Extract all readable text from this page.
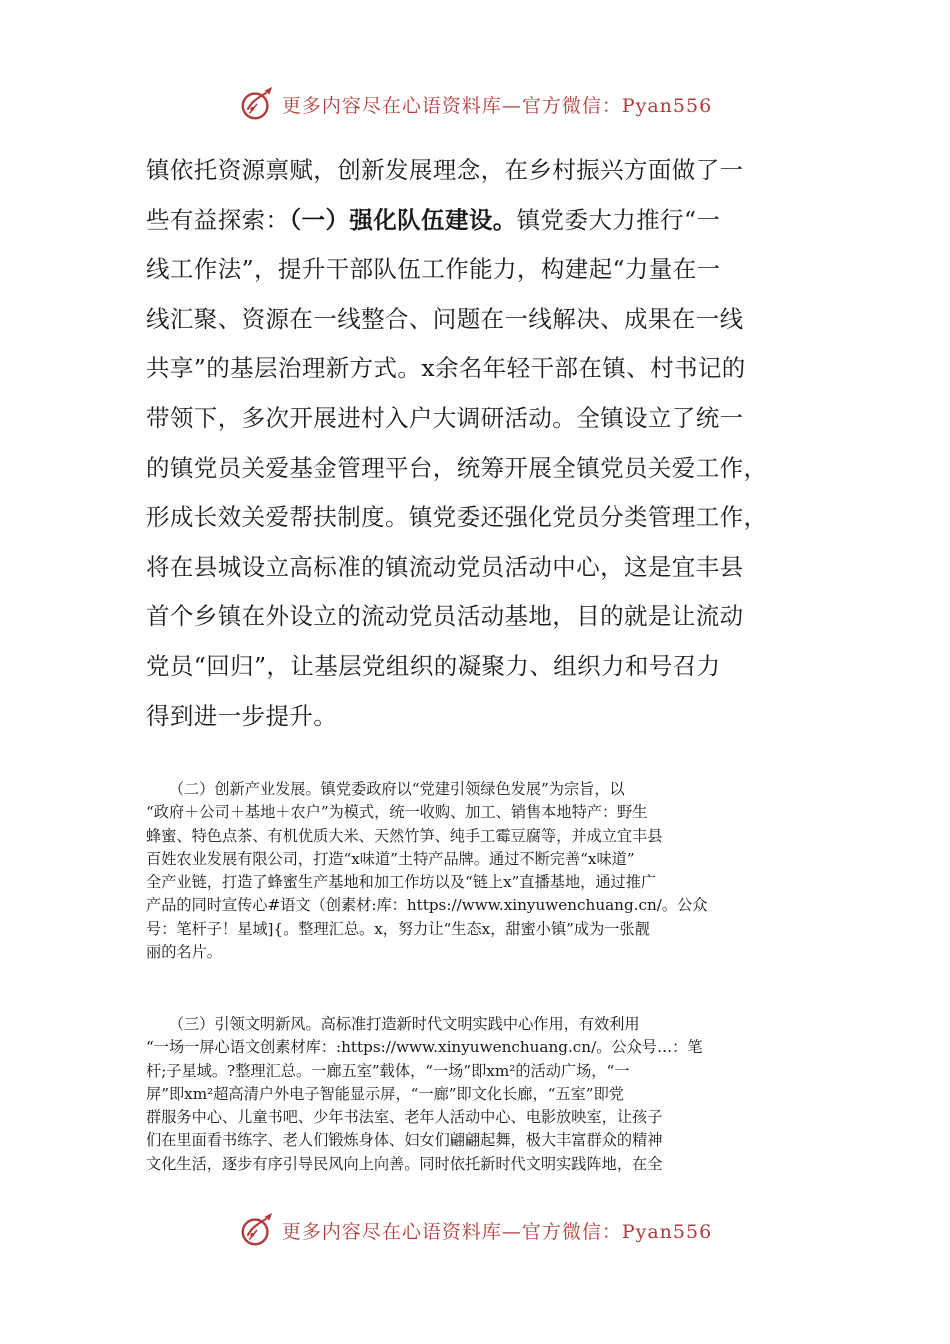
更多内容尽在心语资料库—官方微信：Pyan556
镇依托资源禀赋，创新发展理念，在乡村振兴方面做了一
些有益探索：（一）强化队伍建设。镇党委大力推行“一
线工作法”，提升干部队伍工作能力，构建起“力量在一
线汇聚、资源在一线整合、问题在一线解决、成果在一线
共享”的基层治理新方式。x余名年轻干部在镇、村书记的
带领下，多次开展进村入户大调研活动。全镇设立了统一
的镇党员关爱基金管理平台，统筹开展全镇党员关爱工作，
形成长效关爱帮扶制度。镇党委还强化党员分类管理工作，
将在县城设立高标准的镇流动党员活动中心，这是宜丰县
首个乡镇在外设立的流动党员活动基地，目的就是让流动
党员“回归”，让基层党组织的凝聚力、组织力和号召力
得到进一步提升。
　　（二）创新产业发展。镇党委政府以“党建引领绿色发展”为宗旨，以
“政府＋公司＋基地＋农户”为模式，统一收购、加工、销售本地特产：野生
蜂蜜、特色点茶、有机优质大米、天然竹笋、纯手工霉豆腐等，并成立宜丰县
百姓农业发展有限公司，打造“x味道”土特产品牌。通过不断完善“x味道”
全产业链，打造了蜂蜜生产基地和加工作坊以及“链上x”直播基地，通过推广
产品的同时宣传心#语文（创素材:库：https://www.xinyuwenchuang.cn/。公众
号：笔杆子！星域]{。整理汇总。x，努力让“生态x，甜蜜小镇”成为一张靓
丽的名片。
　　（三）引领文明新风。高标准打造新时代文明实践中心作用，有效利用
“一场一屏心语文创素材库：:https://www.xinyuwenchuang.cn/。公众号…：笔
杆;子星域。?整理汇总。一廊五室”载体，“一场”即xm²的活动广场，“一
屏”即xm²超高清户外电子智能显示屏，“一廊”即文化长廊，“五室”即党
群服务中心、儿童书吧、少年书法室、老年人活动中心、电影放映室，让孩子
们在里面看书练字、老人们锻炼身体、妇女们翩翩起舞，极大丰富群众的精神
文化生活，逐步有序引导民风向上向善。同时依托新时代文明实践阵地，在全
更多内容尽在心语资料库—官方微信：Pyan556
